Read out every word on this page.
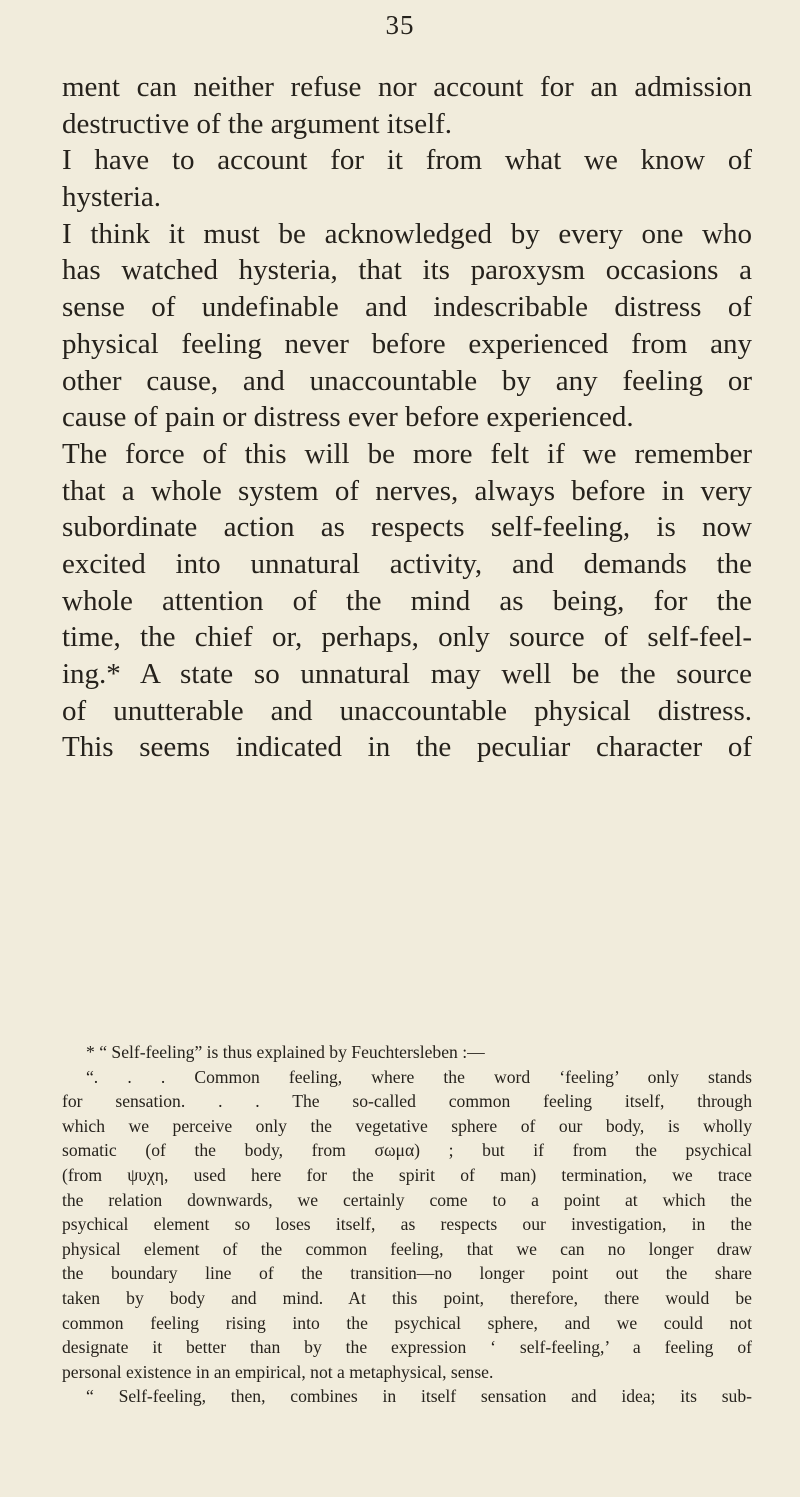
35
ment can neither refuse nor account for an admission
destructive of the argument itself.
I have to account for it from what we know of
hysteria.
I think it must be acknowledged by every one who
has watched hysteria, that its paroxysm occasions a
sense of undefinable and indescribable distress of
physical feeling never before experienced from any
other cause, and unaccountable by any feeling or
cause of pain or distress ever before experienced.
The force of this will be more felt if we remember
that a whole system of nerves, always before in very
subordinate action as respects self-feeling, is now
excited into unnatural activity, and demands the
whole attention of the mind as being, for the
time, the chief or, perhaps, only source of self-feel-
ing.* A state so unnatural may well be the source
of unutterable and unaccountable physical distress.
This seems indicated in the peculiar character of
* “ Self-feeling” is thus explained by Feuchtersleben :—
“. . . Common feeling, where the word ‘feeling’ only stands
for sensation. . . The so-called common feeling itself, through
which we perceive only the vegetative sphere of our body, is wholly
somatic (of the body, from σωμα) ; but if from the psychical
(from ψυχη, used here for the spirit of man) termination, we trace
the relation downwards, we certainly come to a point at which the
psychical element so loses itself, as respects our investigation, in the
physical element of the common feeling, that we can no longer draw
the boundary line of the transition—no longer point out the share
taken by body and mind. At this point, therefore, there would be
common feeling rising into the psychical sphere, and we could not
designate it better than by the expression ‘ self-feeling,’ a feeling of
personal existence in an empirical, not a metaphysical, sense.
“ Self-feeling, then, combines in itself sensation and idea; its sub-
